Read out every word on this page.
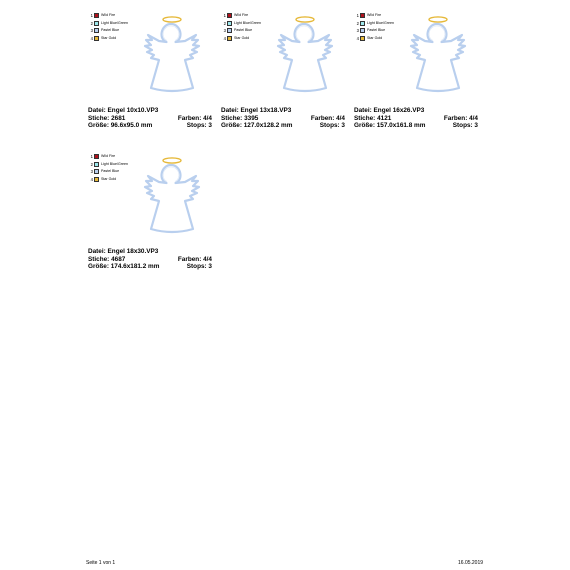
1 Wild Fire
2 Light Blue/Green
3 Pastel Blue
4 Star Gold
Datei: Engel 10x10.VP3
Stiche: 2681	Farben: 4/4
Größe: 96.6x95.0 mm	Stops: 3
1 Wild Fire
2 Light Blue/Green
3 Pastel Blue
4 Star Gold
Datei: Engel 13x18.VP3
Stiche: 3395	Farben: 4/4
Größe: 127.0x128.2 mm	Stops: 3
1 Wild Fire
2 Light Blue/Green
3 Pastel Blue
4 Star Gold
Datei: Engel 16x26.VP3
Stiche: 4121	Farben: 4/4
Größe: 157.0x161.8 mm	Stops: 3
1 Wild Fire
2 Light Blue/Green
3 Pastel Blue
4 Star Gold
Datei: Engel 18x30.VP3
Stiche: 4687	Farben: 4/4
Größe: 174.6x181.2 mm	Stops: 3
Seite 1 von 1	16.05.2019
